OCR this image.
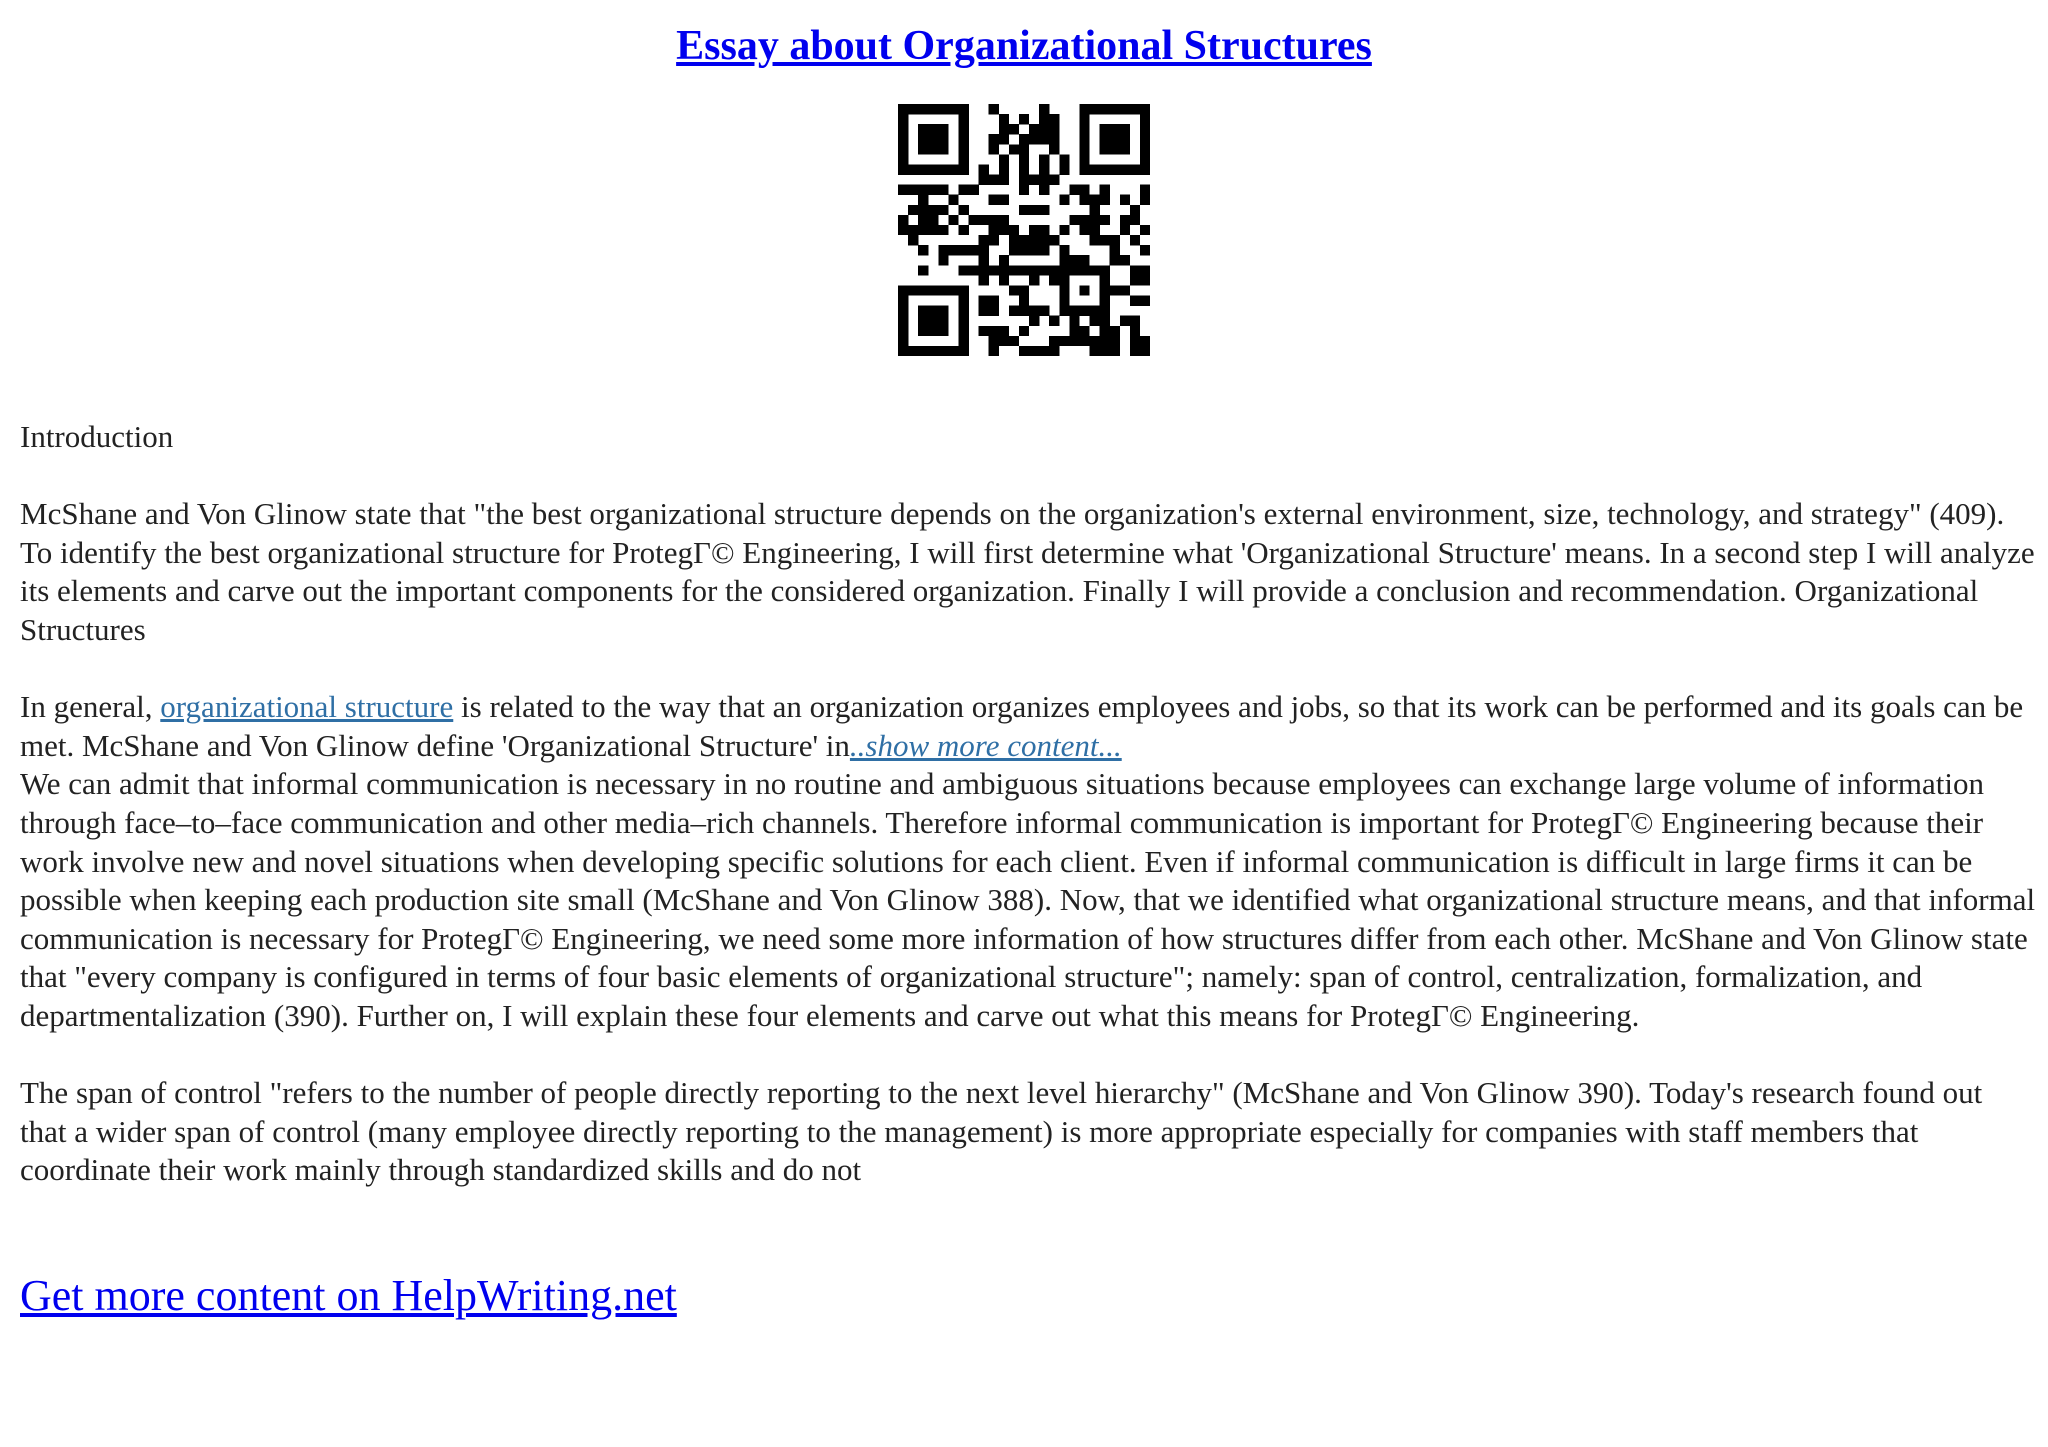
Essay about Organizational Structures

Introduction

McShane and Von Glinow state that "the best organizational structure depends on the organization's external environment, size, technology, and strategy" (409). To identify the best organizational structure for ProtegГ© Engineering, I will first determine what 'Organizational Structure' means. In a second step I will analyze its elements and carve out the important components for the considered organization. Finally I will provide a conclusion and recommendation. Organizational Structures

In general, organizational structure is related to the way that an organization organizes employees and jobs, so that its work can be performed and its goals can be met. McShane and Von Glinow define 'Organizational Structure' in..show more content...

We can admit that informal communication is necessary in no routine and ambiguous situations because employees can exchange large volume of information through face–to–face communication and other media–rich channels. Therefore informal communication is important for ProtegГ© Engineering because their work involve new and novel situations when developing specific solutions for each client. Even if informal communication is difficult in large firms it can be possible when keeping each production site small (McShane and Von Glinow 388). Now, that we identified what organizational structure means, and that informal communication is necessary for ProtegГ© Engineering, we need some more information of how structures differ from each other. McShane and Von Glinow state that "every company is configured in terms of four basic elements of organizational structure"; namely: span of control, centralization, formalization, and departmentalization (390). Further on, I will explain these four elements and carve out what this means for ProtegГ© Engineering.

The span of control "refers to the number of people directly reporting to the next level hierarchy" (McShane and Von Glinow 390). Today's research found out that a wider span of control (many employee directly reporting to the management) is more appropriate especially for companies with staff members that coordinate their work mainly through standardized skills and do not

Get more content on HelpWriting.net
